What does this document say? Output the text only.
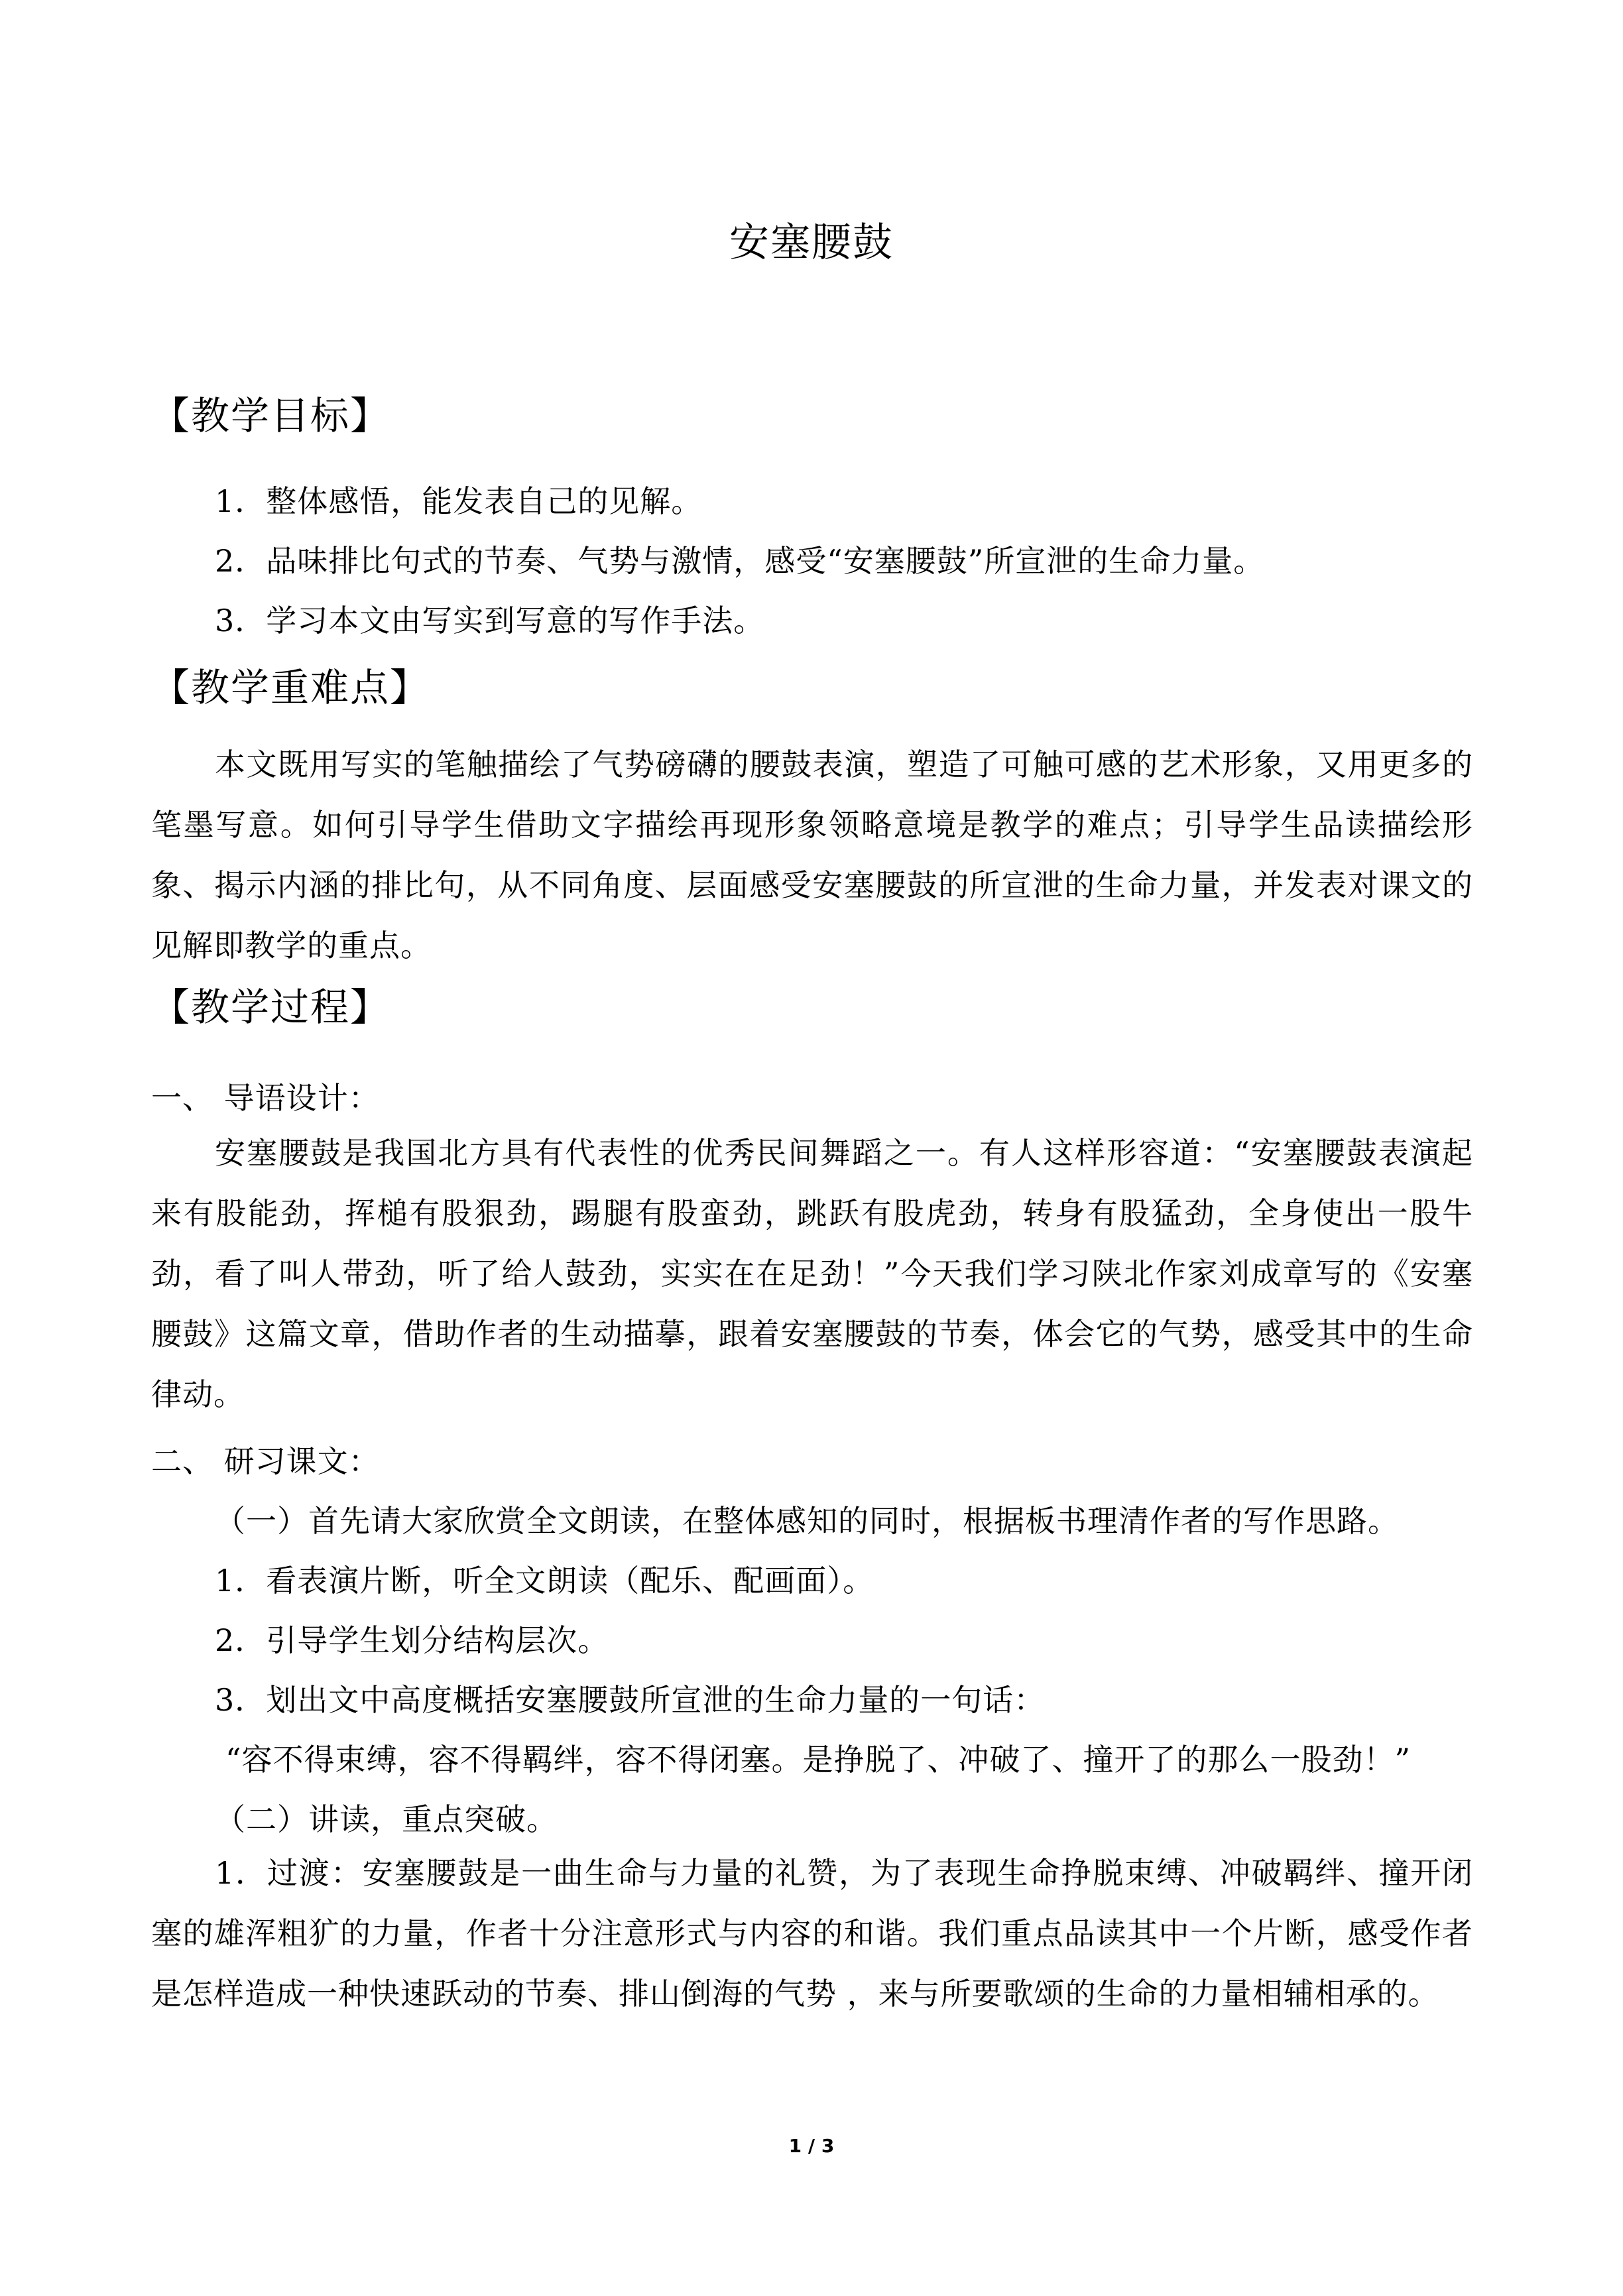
安塞腰鼓
【教学目标】
1．整体感悟，能发表自己的见解。
2．品味排比句式的节奏、气势与激情，感受“安塞腰鼓”所宣泄的生命力量。
3．学习本文由写实到写意的写作手法。
【教学重难点】
本文既用写实的笔触描绘了气势磅礴的腰鼓表演，塑造了可触可感的艺术形象，又用更多的笔墨写意。如何引导学生借助文字描绘再现形象领略意境是教学的难点；引导学生品读描绘形象、揭示内涵的排比句，从不同角度、层面感受安塞腰鼓的所宣泄的生命力量，并发表对课文的见解即教学的重点。
【教学过程】
一、 导语设计：
安塞腰鼓是我国北方具有代表性的优秀民间舞蹈之一。有人这样形容道：“安塞腰鼓表演起来有股能劲，挥槌有股狠劲，踢腿有股蛮劲，跳跃有股虎劲，转身有股猛劲，全身使出一股牛劲，看了叫人带劲，听了给人鼓劲，实实在在足劲！”今天我们学习陕北作家刘成章写的《安塞腰鼓》这篇文章，借助作者的生动描摹，跟着安塞腰鼓的节奏，体会它的气势，感受其中的生命律动。
二、 研习课文：
（一）首先请大家欣赏全文朗读，在整体感知的同时，根据板书理清作者的写作思路。
1．看表演片断，听全文朗读（配乐、配画面）。
2．引导学生划分结构层次。
3．划出文中高度概括安塞腰鼓所宣泄的生命力量的一句话：
“容不得束缚，容不得羁绊，容不得闭塞。是挣脱了、冲破了、撞开了的那么一股劲！”
（二）讲读，重点突破。
1．过渡：安塞腰鼓是一曲生命与力量的礼赞，为了表现生命挣脱束缚、冲破羁绊、撞开闭塞的雄浑粗犷的力量，作者十分注意形式与内容的和谐。我们重点品读其中一个片断，感受作者是怎样造成一种快速跃动的节奏、排山倒海的气势 ，来与所要歌颂的生命的力量相辅相承的。
1 / 3
